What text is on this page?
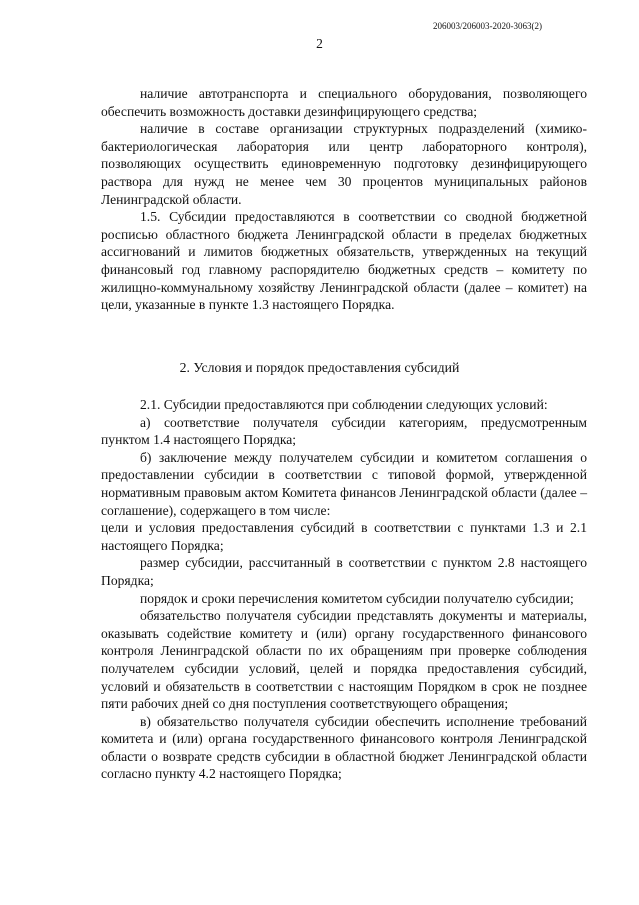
206003/206003-2020-3063(2)
2

наличие автотранспорта и специального оборудования, позволяющего обеспечить возможность доставки дезинфицирующего средства;

наличие в составе организации структурных подразделений (химико-бактериологическая лаборатория или центр лабораторного контроля), позволяющих осуществить единовременную подготовку дезинфицирующего раствора для нужд не менее чем 30 процентов муниципальных районов Ленинградской области.

1.5. Субсидии предоставляются в соответствии со сводной бюджетной росписью областного бюджета Ленинградской области в пределах бюджетных ассигнований и лимитов бюджетных обязательств, утвержденных на текущий финансовый год главному распорядителю бюджетных средств – комитету по жилищно-коммунальному хозяйству Ленинградской области (далее – комитет) на цели, указанные в пункте 1.3 настоящего Порядка.

2. Условия и порядок предоставления субсидий

2.1. Субсидии предоставляются при соблюдении следующих условий:

а) соответствие получателя субсидии категориям, предусмотренным пунктом 1.4 настоящего Порядка;

б) заключение между получателем субсидии и комитетом соглашения о предоставлении субсидии в соответствии с типовой формой, утвержденной нормативным правовым актом Комитета финансов Ленинградской области (далее – соглашение), содержащего в том числе:

цели и условия предоставления субсидий в соответствии с пунктами 1.3 и 2.1 настоящего Порядка;

размер субсидии, рассчитанный в соответствии с пунктом 2.8 настоящего Порядка;

порядок и сроки перечисления комитетом субсидии получателю субсидии;

обязательство получателя субсидии представлять документы и материалы, оказывать содействие комитету и (или) органу государственного финансового контроля Ленинградской области по их обращениям при проверке соблюдения получателем субсидии условий, целей и порядка предоставления субсидий, условий и обязательств в соответствии с настоящим Порядком в срок не позднее пяти рабочих дней со дня поступления соответствующего обращения;

в) обязательство получателя субсидии обеспечить исполнение требований комитета и (или) органа государственного финансового контроля Ленинградской области о возврате средств субсидии в областной бюджет Ленинградской области согласно пункту 4.2 настоящего Порядка;
